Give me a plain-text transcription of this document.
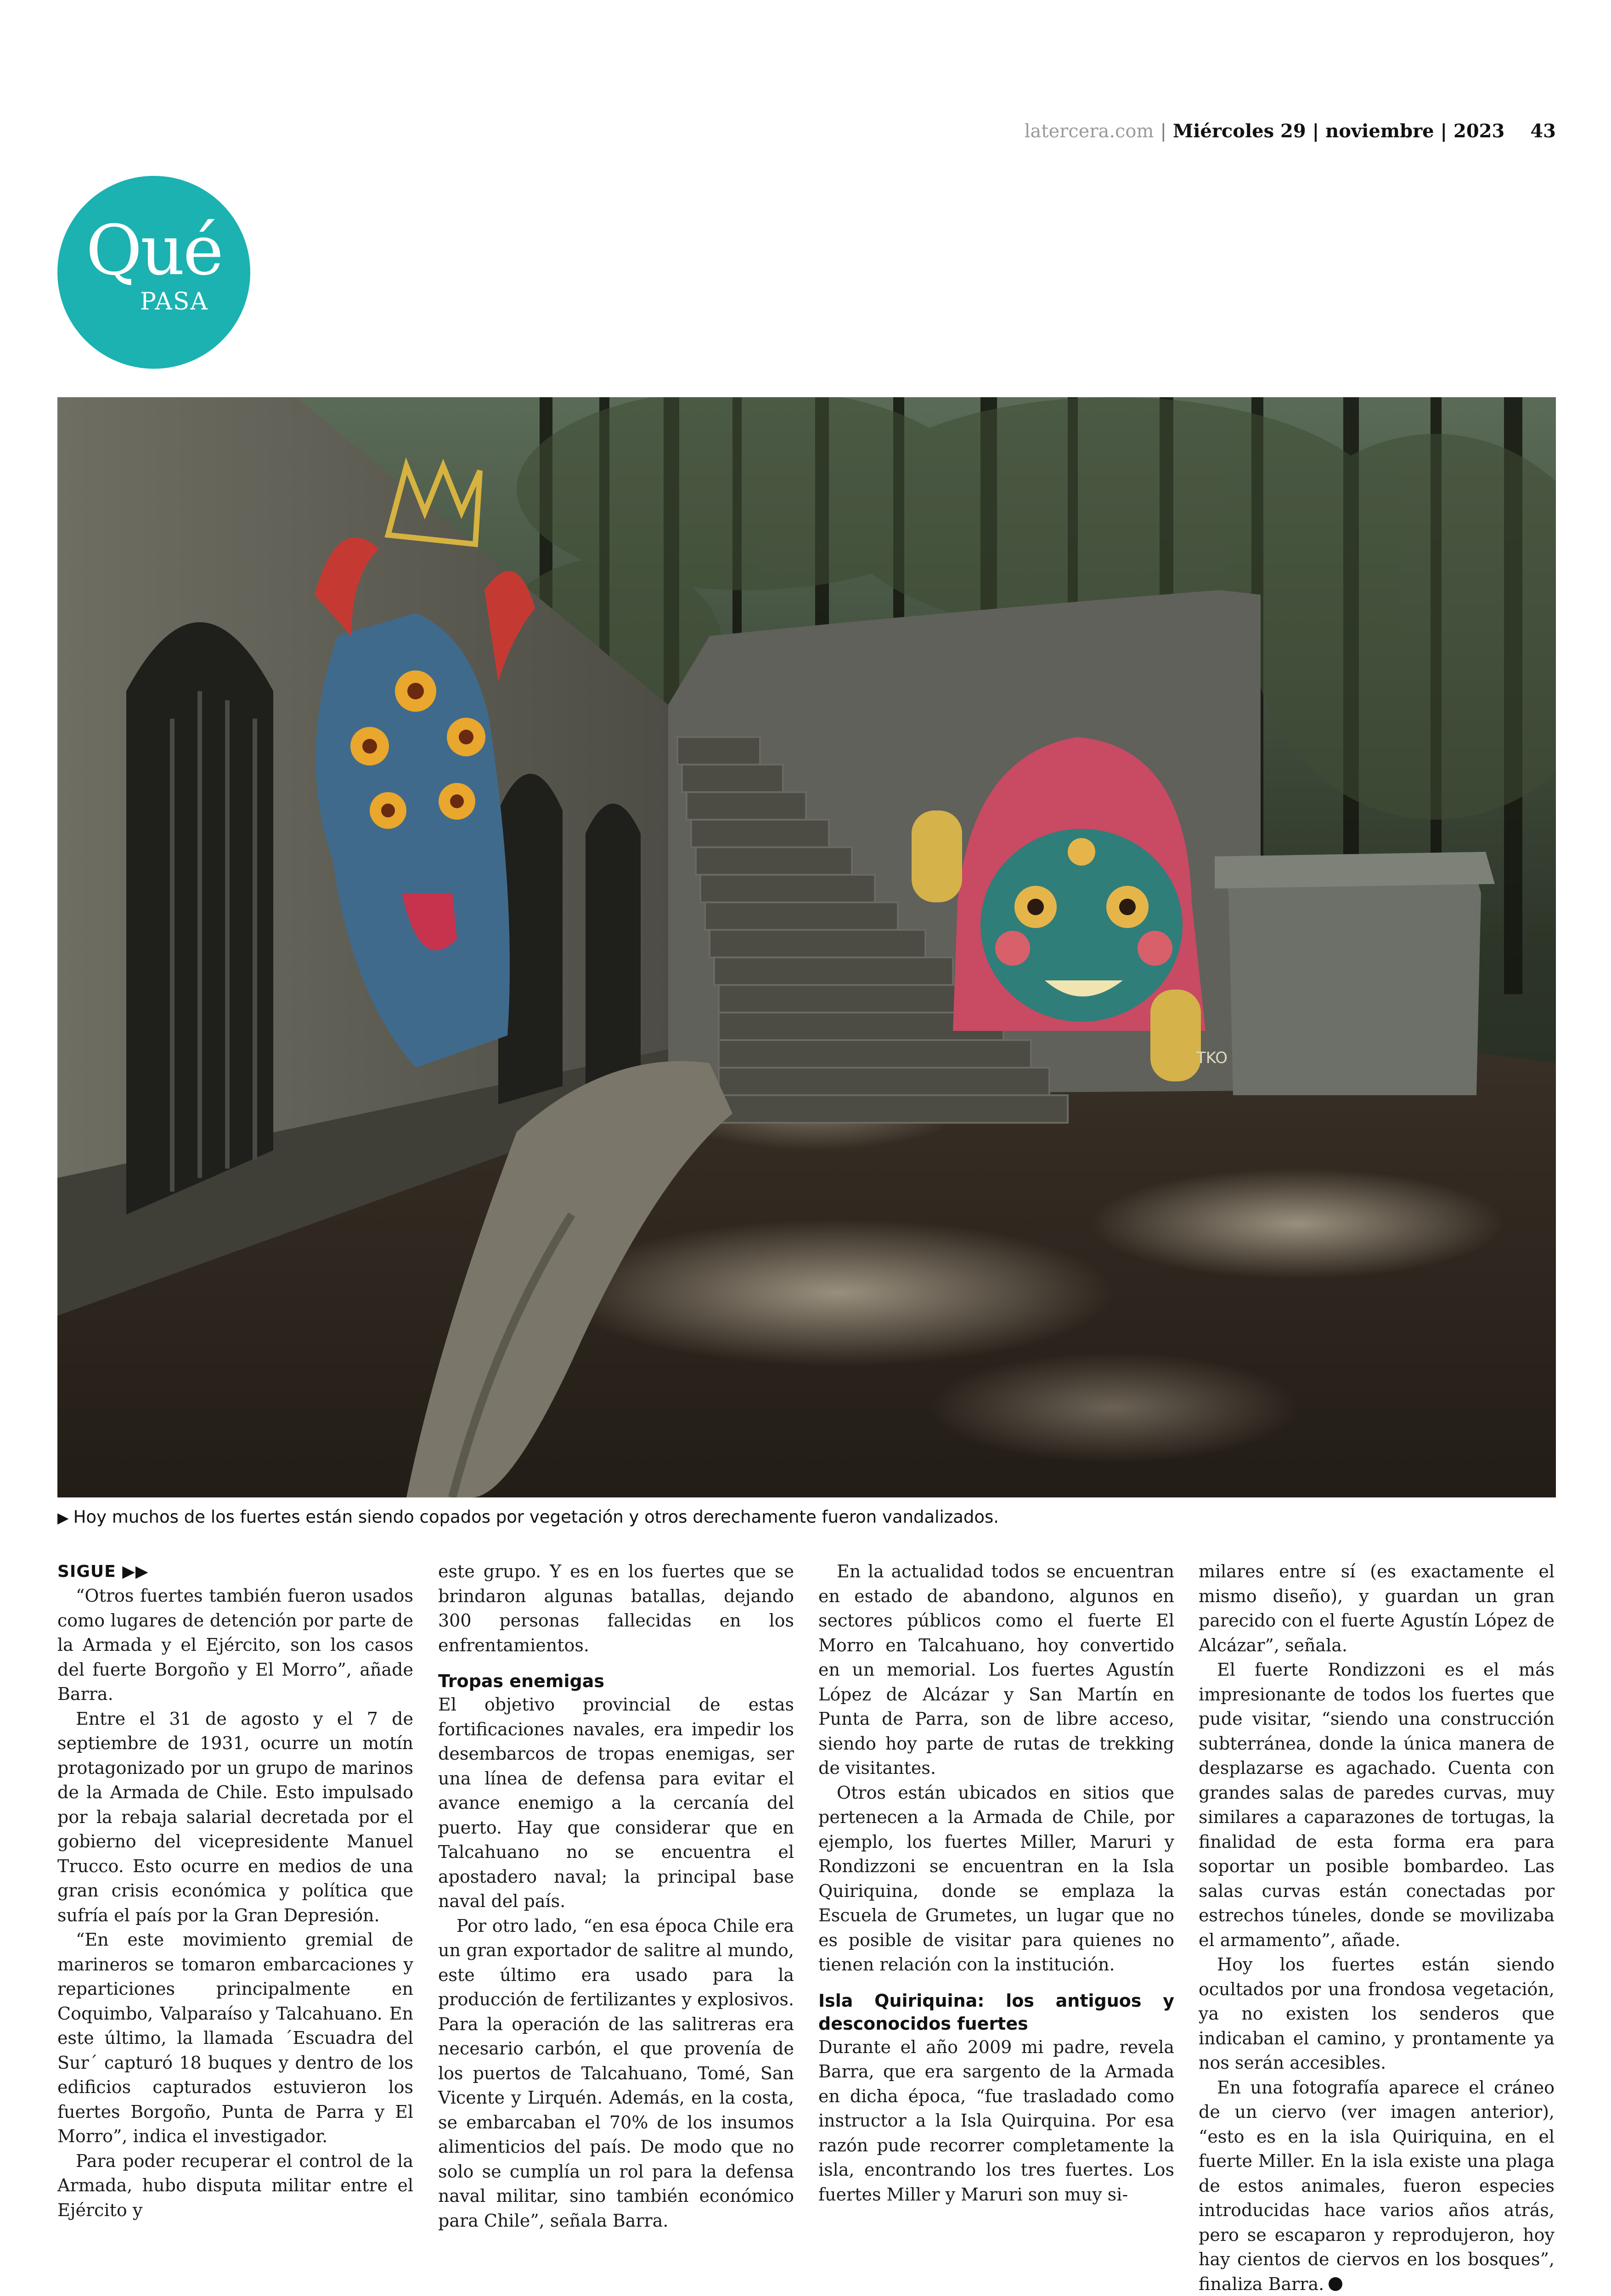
latercera.com | Miércoles 29 | noviembre | 2023 43
Qué
PASA
TKO
▶ Hoy muchos de los fuertes están siendo copados por vegetación y otros derechamente fueron vandalizados.
SIGUE ▶▶

“Otros fuertes también fueron usados como lugares de detención por parte de la Armada y el Ejército, son los casos del fuerte Borgoño y El Morro”, añade Barra.

Entre el 31 de agosto y el 7 de septiembre de 1931, ocurre un motín protagonizado por un grupo de marinos de la Armada de Chile. Esto impulsado por la rebaja salarial decretada por el gobierno del vicepresidente Manuel Trucco. Esto ocurre en medios de una gran crisis económica y política que sufría el país por la Gran Depresión.

“En este movimiento gremial de marineros se tomaron embarcaciones y reparticiones principalmente en Coquimbo, Valparaíso y Talcahuano. En este último, la llamada ´Escuadra del Sur´ capturó 18 buques y dentro de los edificios capturados estuvieron los fuertes Borgoño, Punta de Parra y El Morro”, indica el investigador.

Para poder recuperar el control de la Armada, hubo disputa militar entre el Ejército y

este grupo. Y es en los fuertes que se brindaron algunas batallas, dejando 300 personas fallecidas en los enfrentamientos.

Tropas enemigas

El objetivo provincial de estas fortificaciones navales, era impedir los desembarcos de tropas enemigas, ser una línea de defensa para evitar el avance enemigo a la cercanía del puerto. Hay que considerar que en Talcahuano no se encuentra el apostadero naval; la principal base naval del país.

Por otro lado, “en esa época Chile era un gran exportador de salitre al mundo, este último era usado para la producción de fertilizantes y explosivos. Para la operación de las salitreras era necesario carbón, el que provenía de los puertos de Talcahuano, Tomé, San Vicente y Lirquén. Además, en la costa, se embarcaban el 70% de los insumos alimenticios del país. De modo que no solo se cumplía un rol para la defensa naval militar, sino también económico para Chile”, señala Barra.

En la actualidad todos se encuentran en estado de abandono, algunos en sectores públicos como el fuerte El Morro en Talcahuano, hoy convertido en un memorial. Los fuertes Agustín López de Alcázar y San Martín en Punta de Parra, son de libre acceso, siendo hoy parte de rutas de trekking de visitantes.

Otros están ubicados en sitios que pertenecen a la Armada de Chile, por ejemplo, los fuertes Miller, Maruri y Rondizzoni se encuentran en la Isla Quiriquina, donde se emplaza la Escuela de Grumetes, un lugar que no es posible de visitar para quienes no tienen relación con la institución.

Isla Quiriquina: los antiguos y desconocidos fuertes

Durante el año 2009 mi padre, revela Barra, que era sargento de la Armada en dicha época, “fue trasladado como instructor a la Isla Quirquina. Por esa razón pude recorrer completamente la isla, encontrando los tres fuertes. Los fuertes Miller y Maruri son muy si-

milares entre sí (es exactamente el mismo diseño), y guardan un gran parecido con el fuerte Agustín López de Alcázar”, señala.

El fuerte Rondizzoni es el más impresionante de todos los fuertes que pude visitar, “siendo una construcción subterránea, donde la única manera de desplazarse es agachado. Cuenta con grandes salas de paredes curvas, muy similares a caparazones de tortugas, la finalidad de esta forma era para soportar un posible bombardeo. Las salas curvas están conectadas por estrechos túneles, donde se movilizaba el armamento”, añade.

Hoy los fuertes están siendo ocultados por una frondosa vegetación, ya no existen los senderos que indicaban el camino, y prontamente ya nos serán accesibles.

En una fotografía aparece el cráneo de un ciervo (ver imagen anterior), “esto es en la isla Quiriquina, en el fuerte Miller. En la isla existe una plaga de estos animales, fueron especies introducidas hace varios años atrás, pero se escaparon y reprodujeron, hoy hay cientos de ciervos en los bosques”, finaliza Barra.
